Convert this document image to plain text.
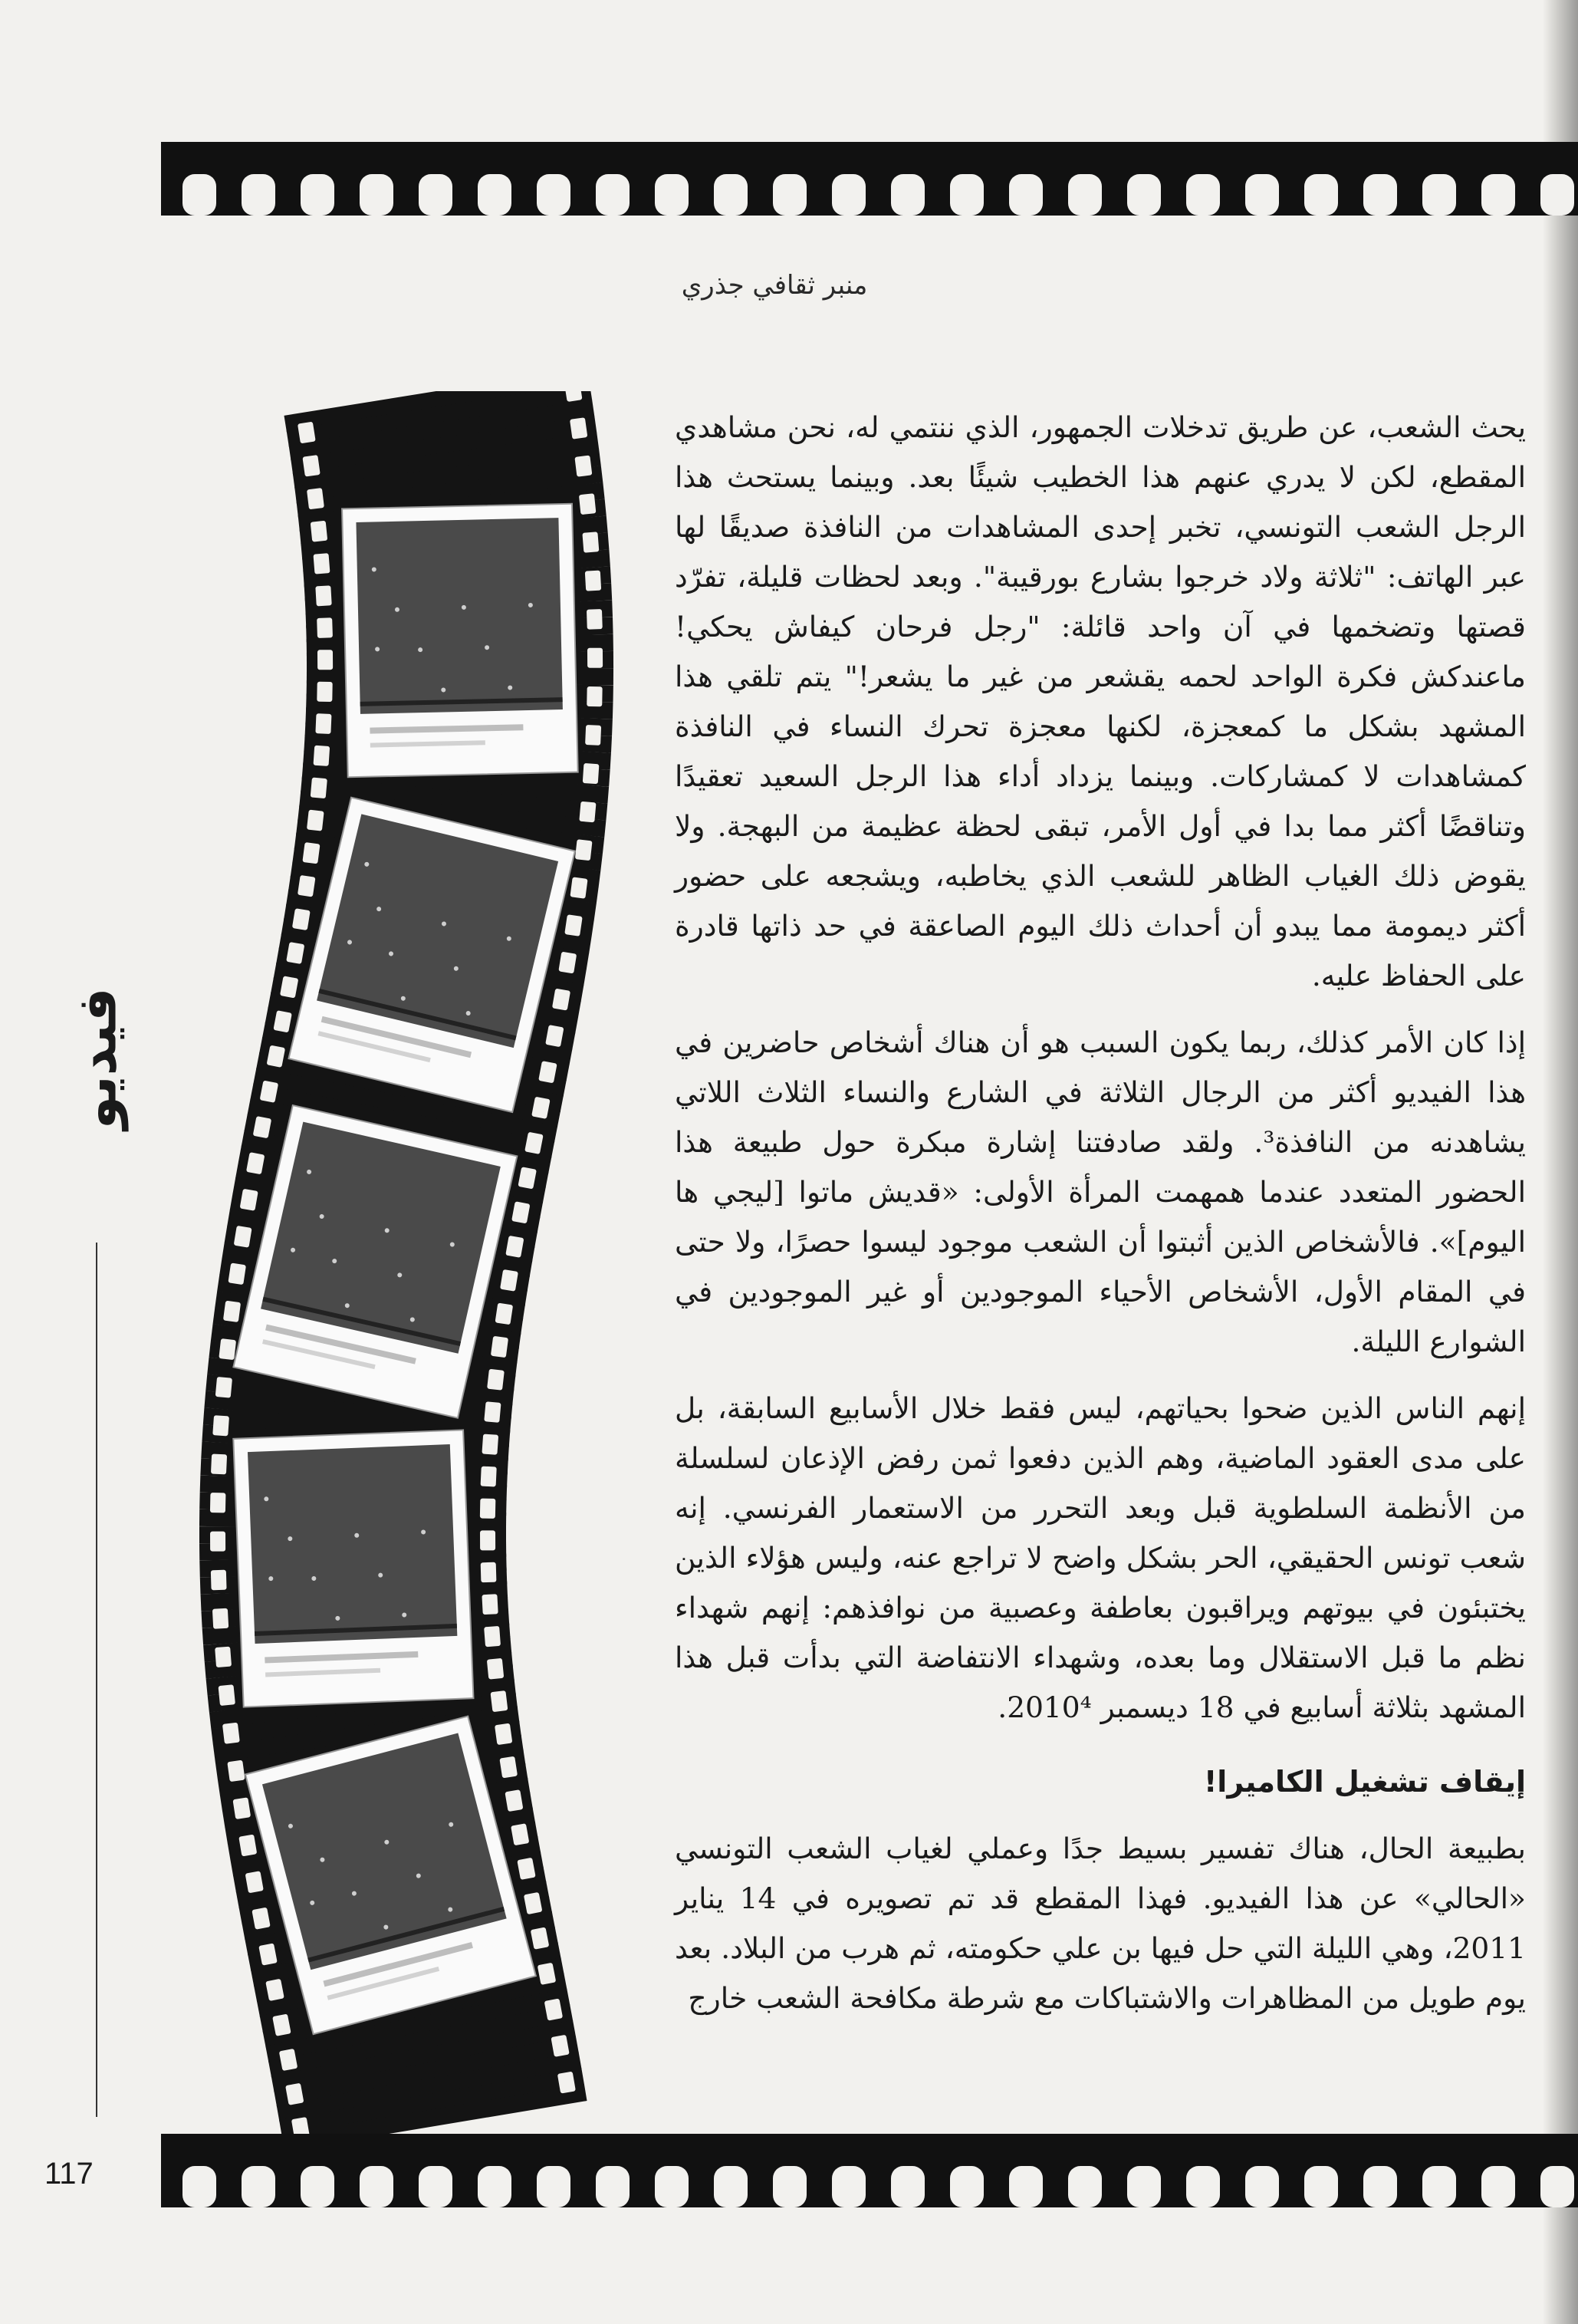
منبر ثقافي جذري
فيديو

يحث الشعب، عن طريق تدخلات الجمهور، الذي ننتمي له، نحن مشاهدي المقطع، لكن لا يدري عنهم هذا الخطيب شيئًا بعد. وبينما يستحث هذا الرجل الشعب التونسي، تخبر إحدى المشاهدات من النافذة صديقًا لها عبر الهاتف: "ثلاثة ولاد خرجوا بشارع بورقيبة". وبعد لحظات قليلة، تفرّد قصتها وتضخمها في آن واحد قائلة: "رجل فرحان كيفاش يحكي! ماعندكش فكرة الواحد لحمه يقشعر من غير ما يشعر!" يتم تلقي هذا المشهد بشكل ما كمعجزة، لكنها معجزة تحرك النساء في النافذة كمشاهدات لا كمشاركات. وبينما يزداد أداء هذا الرجل السعيد تعقيدًا وتناقضًا أكثر مما بدا في أول الأمر، تبقى لحظة عظيمة من البهجة. ولا يقوض ذلك الغياب الظاهر للشعب الذي يخاطبه، ويشجعه على حضور أكثر ديمومة مما يبدو أن أحداث ذلك اليوم الصاعقة في حد ذاتها قادرة على الحفاظ عليه.

إذا كان الأمر كذلك، ربما يكون السبب هو أن هناك أشخاص حاضرين في هذا الفيديو أكثر من الرجال الثلاثة في الشارع والنساء الثلاث اللاتي يشاهدنه من النافذة³. ولقد صادفتنا إشارة مبكرة حول طبيعة هذا الحضور المتعدد عندما همهمت المرأة الأولى: «قديش ماتوا [ليجي ها اليوم]». فالأشخاص الذين أثبتوا أن الشعب موجود ليسوا حصرًا، ولا حتى في المقام الأول، الأشخاص الأحياء الموجودين أو غير الموجودين في الشوارع الليلة.

إنهم الناس الذين ضحوا بحياتهم، ليس فقط خلال الأسابيع السابقة، بل على مدى العقود الماضية، وهم الذين دفعوا ثمن رفض الإذعان لسلسلة من الأنظمة السلطوية قبل وبعد التحرر من الاستعمار الفرنسي. إنه شعب تونس الحقيقي، الحر بشكل واضح لا تراجع عنه، وليس هؤلاء الذين يختبئون في بيوتهم ويراقبون بعاطفة وعصبية من نوافذهم: إنهم شهداء نظم ما قبل الاستقلال وما بعده، وشهداء الانتفاضة التي بدأت قبل هذا المشهد بثلاثة أسابيع في 18 ديسمبر 2010⁴.

إيقاف تشغيل الكاميرا!

بطبيعة الحال، هناك تفسير بسيط جدًا وعملي لغياب الشعب التونسي «الحالي» عن هذا الفيديو. فهذا المقطع قد تم تصويره في 14 يناير 2011، وهي الليلة التي حل فيها بن علي حكومته، ثم هرب من البلاد. بعد يوم طويل من المظاهرات والاشتباكات مع شرطة مكافحة الشعب خارج

117
